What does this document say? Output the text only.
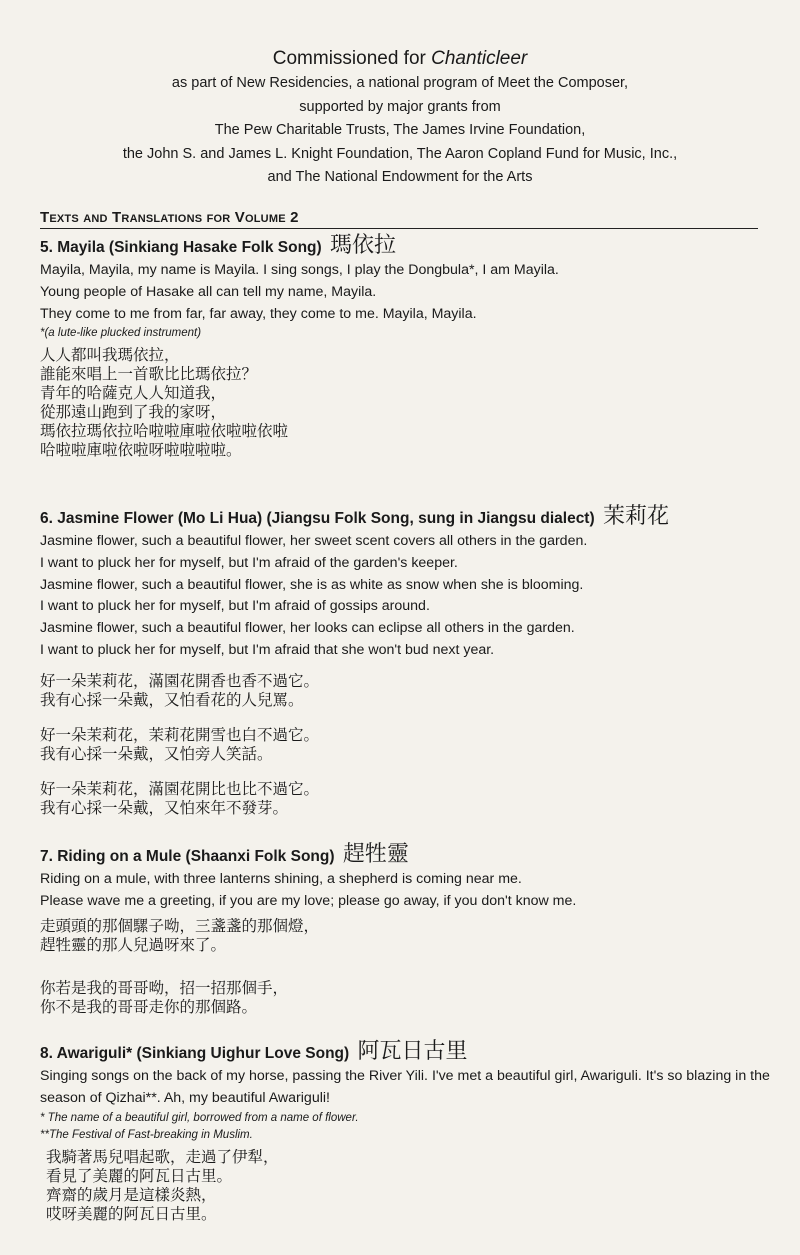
Commissioned for Chanticleer
as part of New Residencies, a national program of Meet the Composer,
supported by major grants from
The Pew Charitable Trusts, The James Irvine Foundation,
the John S. and James L. Knight Foundation, The Aaron Copland Fund for Music, Inc.,
and The National Endowment for the Arts
Texts and Translations for Volume 2
5. Mayila (Sinkiang Hasake Folk Song) 瑪依拉
Mayila, Mayila, my name is Mayila. I sing songs, I play the Dongbula*, I am Mayila.
Young people of Hasake all can tell my name, Mayila.
They come to me from far, far away, they come to me. Mayila, Mayila.
*(a lute-like plucked instrument)
人人都叫我瑪依拉，
誰能來唱上一首歌比比瑪依拉？
青年的哈薩克人人知道我，
從那遠山跑到了我的家呀，
瑪依拉瑪依拉哈啦啦庫啦依啦啦依啦
哈啦啦庫啦依啦呀啦啦啦啦。
6. Jasmine Flower (Mo Li Hua) (Jiangsu Folk Song, sung in Jiangsu dialect) 茉莉花
Jasmine flower, such a beautiful flower, her sweet scent covers all others in the garden.
I want to pluck her for myself, but I'm afraid of the garden's keeper.
Jasmine flower, such a beautiful flower, she is as white as snow when she is blooming.
I want to pluck her for myself, but I'm afraid of gossips around.
Jasmine flower, such a beautiful flower, her looks can eclipse all others in the garden.
I want to pluck her for myself, but I'm afraid that she won't bud next year.
好一朵茉莉花，滿園花開香也香不過它。
我有心採一朵戴，又怕看花的人兒罵。
好一朵茉莉花，茉莉花開雪也白不過它。
我有心採一朵戴，又怕旁人笑話。
好一朵茉莉花，滿園花開比也比不過它。
我有心採一朵戴，又怕來年不發芽。
7. Riding on a Mule (Shaanxi Folk Song) 趕牲靈
Riding on a mule, with three lanterns shining, a shepherd is coming near me.
Please wave me a greeting, if you are my love; please go away, if you don't know me.
走頭頭的那個騾子呦，三盞盞的那個燈，
趕牲靈的那人兒過呀來了。
你若是我的哥哥呦，招一招那個手，
你不是我的哥哥走你的那個路。
8. Awariguli* (Sinkiang Uighur Love Song) 阿瓦日古里
Singing songs on the back of my horse, passing the River Yili. I've met a beautiful girl, Awariguli. It's so blazing in the season of Qizhai**. Ah, my beautiful Awariguli!
* The name of a beautiful girl, borrowed from a name of flower.
**The Festival of Fast-breaking in Muslim.
我騎著馬兒唱起歌，走過了伊犁，
看見了美麗的阿瓦日古里。
齊齋的歲月是這樣炎熱，
哎呀美麗的阿瓦日古里。
